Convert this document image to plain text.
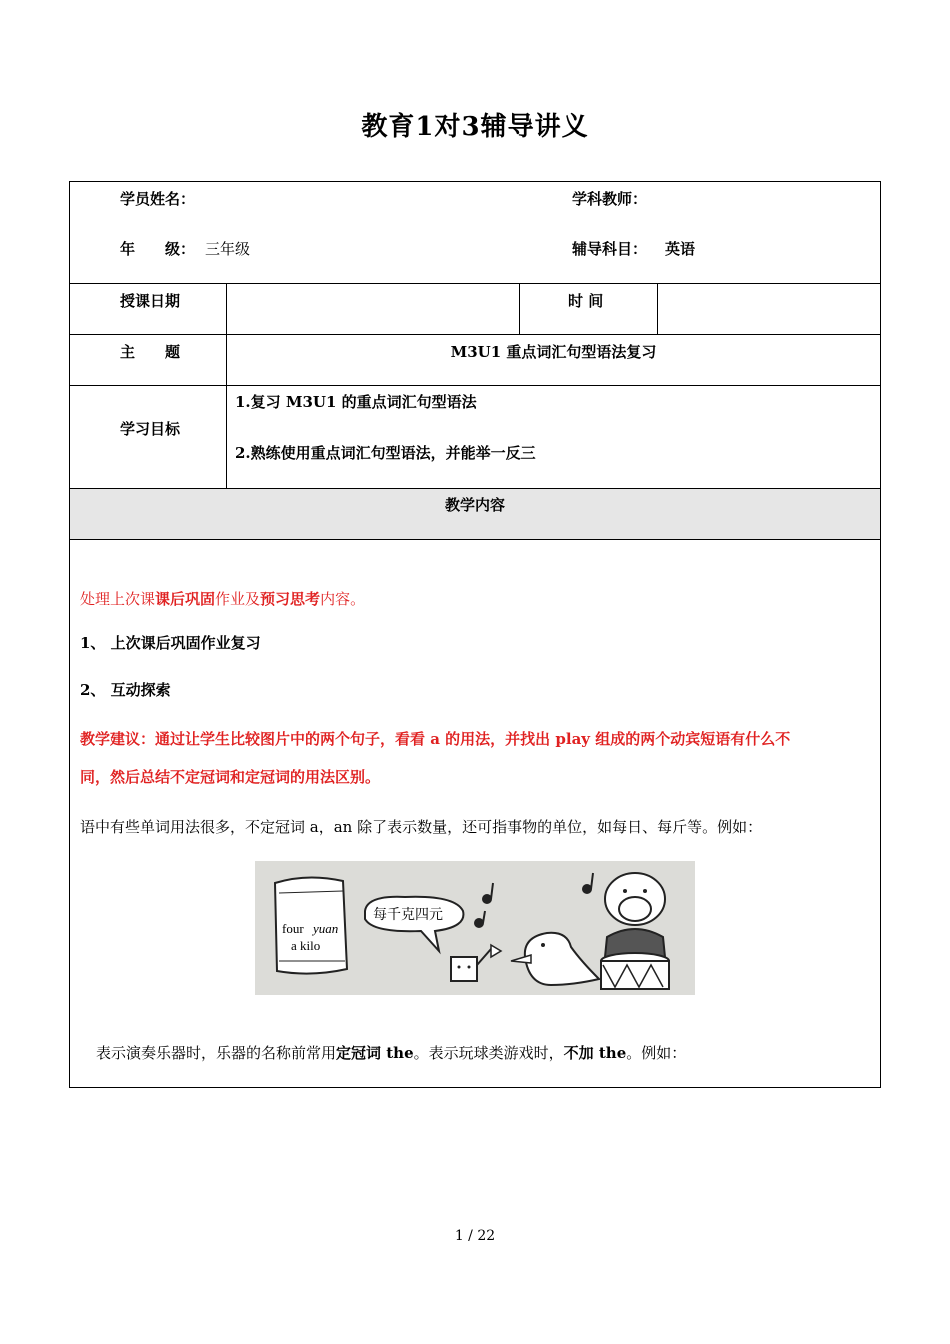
教育1对3辅导讲义
学员姓名：	学科教师：
年　　级： 三年级	辅导科目： 英语
授课日期	时 间
主　　题	M3U1 重点词汇句型语法复习
学习目标
1.复习 M3U1 的重点词汇句型语法
2.熟练使用重点词汇句型语法，并能举一反三
教学内容
处理上次课课后巩固作业及预习思考内容。
1、 上次课后巩固作业复习
2、 互动探索
教学建议：通过让学生比较图片中的两个句子，看看 a 的用法，并找出 play 组成的两个动宾短语有什么不
同，然后总结不定冠词和定冠词的用法区别。
语中有些单词用法很多，不定冠词 a，an 除了表示数量，还可指事物的单位，如每日、每斤等。例如：
four yuan
a kilo
每千克四元
表示演奏乐器时，乐器的名称前常用定冠词 the。表示玩球类游戏时，不加 the。例如：
1 / 22
